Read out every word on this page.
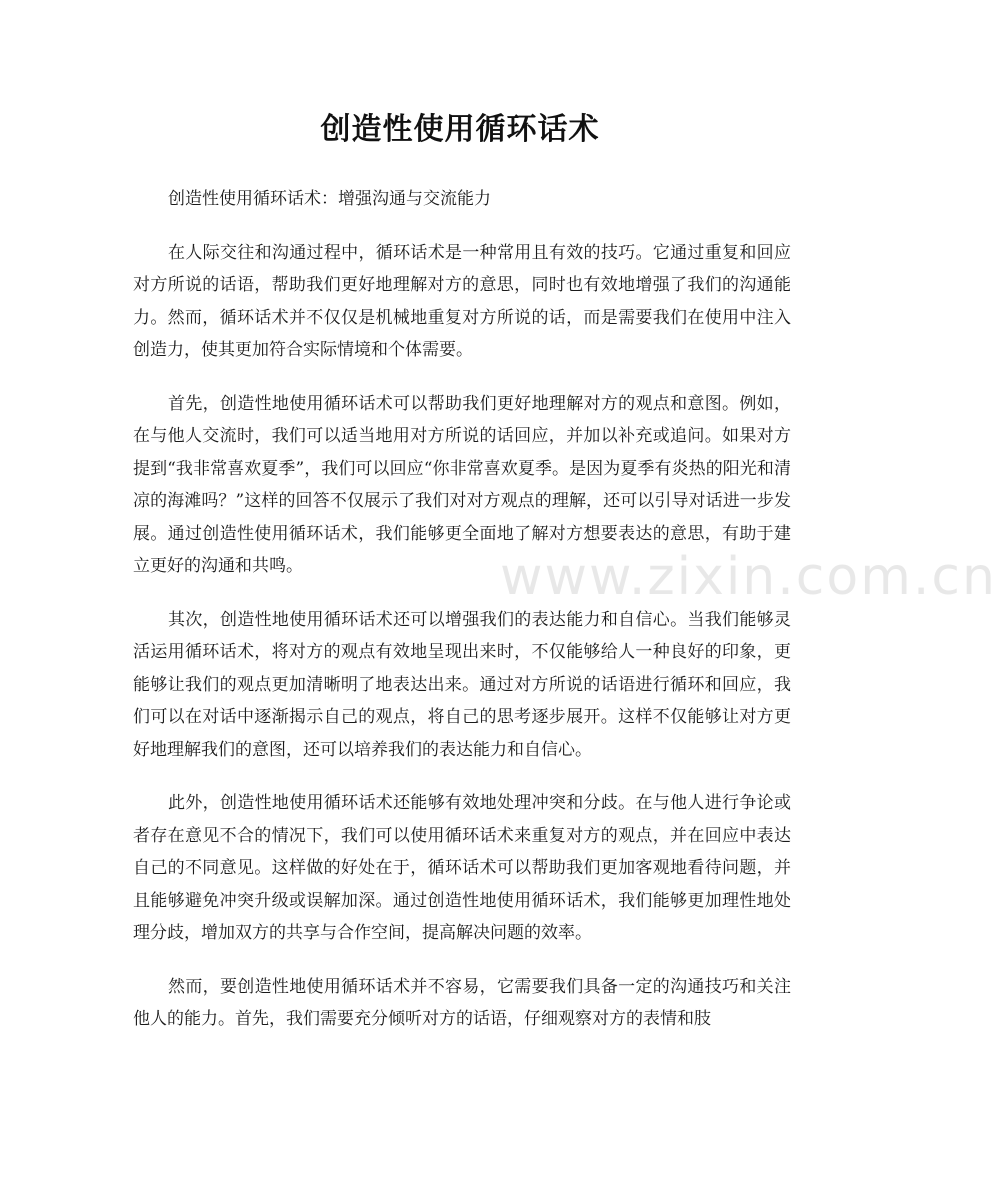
创造性使用循环话术

创造性使用循环话术：增强沟通与交流能力

在人际交往和沟通过程中，循环话术是一种常用且有效的技巧。它通过重复和回应对方所说的话语，帮助我们更好地理解对方的意思，同时也有效地增强了我们的沟通能力。然而，循环话术并不仅仅是机械地重复对方所说的话，而是需要我们在使用中注入创造力，使其更加符合实际情境和个体需要。

首先，创造性地使用循环话术可以帮助我们更好地理解对方的观点和意图。例如，在与他人交流时，我们可以适当地用对方所说的话回应，并加以补充或追问。如果对方提到“我非常喜欢夏季”，我们可以回应“你非常喜欢夏季。是因为夏季有炎热的阳光和清凉的海滩吗？”这样的回答不仅展示了我们对对方观点的理解，还可以引导对话进一步发展。通过创造性使用循环话术，我们能够更全面地了解对方想要表达的意思，有助于建立更好的沟通和共鸣。

其次，创造性地使用循环话术还可以增强我们的表达能力和自信心。当我们能够灵活运用循环话术，将对方的观点有效地呈现出来时，不仅能够给人一种良好的印象，更能够让我们的观点更加清晰明了地表达出来。通过对方所说的话语进行循环和回应，我们可以在对话中逐渐揭示自己的观点，将自己的思考逐步展开。这样不仅能够让对方更好地理解我们的意图，还可以培养我们的表达能力和自信心。

此外，创造性地使用循环话术还能够有效地处理冲突和分歧。在与他人进行争论或者存在意见不合的情况下，我们可以使用循环话术来重复对方的观点，并在回应中表达自己的不同意见。这样做的好处在于，循环话术可以帮助我们更加客观地看待问题，并且能够避免冲突升级或误解加深。通过创造性地使用循环话术，我们能够更加理性地处理分歧，增加双方的共享与合作空间，提高解决问题的效率。

然而，要创造性地使用循环话术并不容易，它需要我们具备一定的沟通技巧和关注他人的能力。首先，我们需要充分倾听对方的话语，仔细观察对方的表情和肢

www.zixin.com.cn
